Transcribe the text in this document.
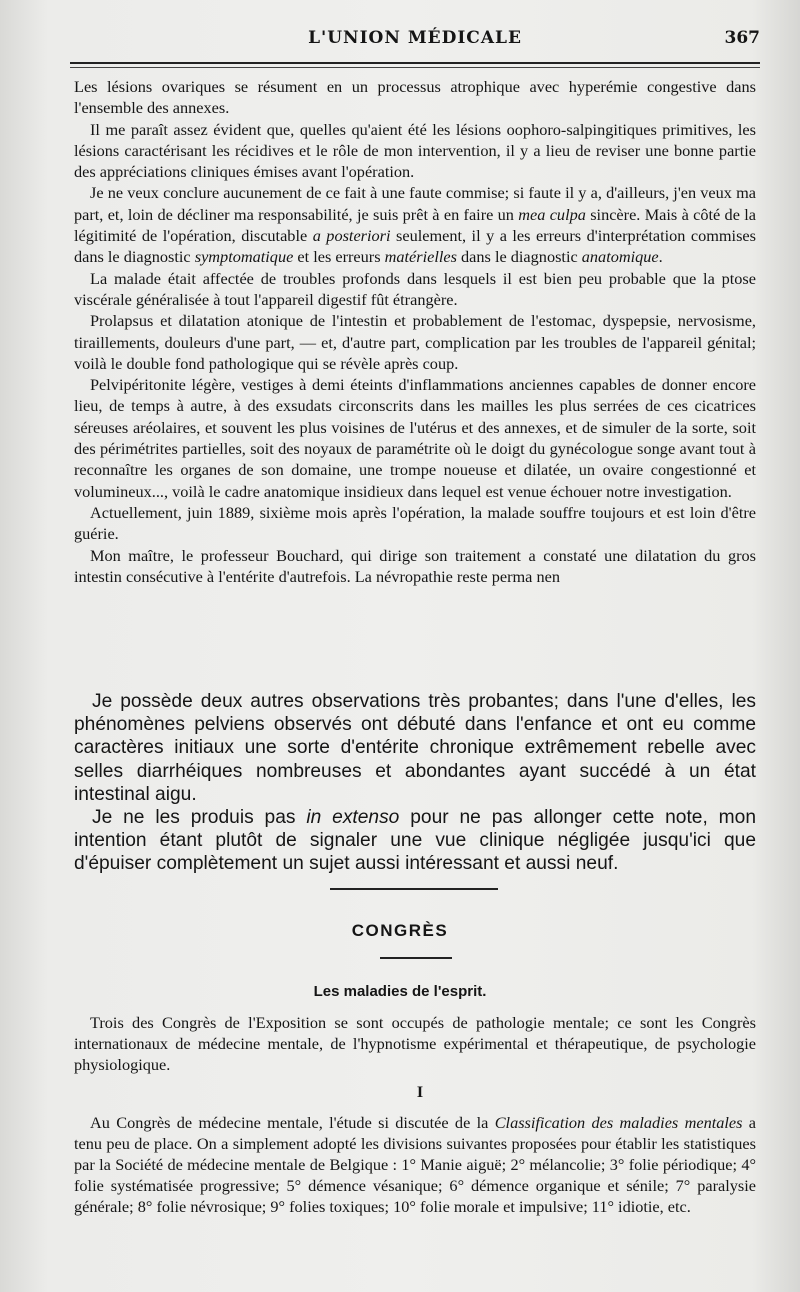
L'UNION MÉDICALE	367

Les lésions ovariques se résument en un processus atrophique avec hyperémie congestive dans l'ensemble des annexes.

Il me paraît assez évident que, quelles qu'aient été les lésions oophoro-salpingitiques primitives, les lésions caractérisant les récidives et le rôle de mon intervention, il y a lieu de reviser une bonne partie des appréciations cliniques émises avant l'opération.

Je ne veux conclure aucunement de ce fait à une faute commise; si faute il y a, d'ailleurs, j'en veux ma part, et, loin de décliner ma responsabilité, je suis prêt à en faire un mea culpa sincère. Mais à côté de la légitimité de l'opération, discutable a posteriori seulement, il y a les erreurs d'interprétation commises dans le diagnostic symptomatique et les erreurs matérielles dans le diagnostic anatomique.

La malade était affectée de troubles profonds dans lesquels il est bien peu probable que la ptose viscérale généralisée à tout l'appareil digestif fût étrangère.

Prolapsus et dilatation atonique de l'intestin et probablement de l'estomac, dyspepsie, nervosisme, tiraillements, douleurs d'une part, — et, d'autre part, complication par les troubles de l'appareil génital; voilà le double fond pathologique qui se révèle après coup.

Pelvipéritonite légère, vestiges à demi éteints d'inflammations anciennes capables de donner encore lieu, de temps à autre, à des exsudats circonscrits dans les mailles les plus serrées de ces cicatrices séreuses aréolaires, et souvent les plus voisines de l'utérus et des annexes, et de simuler de la sorte, soit des périmétrites partielles, soit des noyaux de paramétrite où le doigt du gynécologue songe avant tout à reconnaître les organes de son domaine, une trompe noueuse et dilatée, un ovaire congestionné et volumineux..., voilà le cadre anatomique insidieux dans lequel est venue échouer notre investigation.

Actuellement, juin 1889, sixième mois après l'opération, la malade souffre toujours et est loin d'être guérie.

Mon maître, le professeur Bouchard, qui dirige son traitement a constaté une dilatation du gros intestin consécutive à l'entérite d'autrefois. La névropathie reste perma nen

Je possède deux autres observations très probantes; dans l'une d'elles, les phénomènes pelviens observés ont débuté dans l'enfance et ont eu comme caractères initiaux une sorte d'entérite chronique extrêmement rebelle avec selles diarrhéiques nombreuses et abondantes ayant succédé à un état intestinal aigu.

Je ne les produis pas in extenso pour ne pas allonger cette note, mon intention étant plutôt de signaler une vue clinique négligée jusqu'ici que d'épuiser complètement un sujet aussi intéressant et aussi neuf.

CONGRÈS
Les maladies de l'esprit.

Trois des Congrès de l'Exposition se sont occupés de pathologie mentale; ce sont les Congrès internationaux de médecine mentale, de l'hypnotisme expérimental et thérapeutique, de psychologie physiologique.

I

Au Congrès de médecine mentale, l'étude si discutée de la Classification des maladies mentales a tenu peu de place. On a simplement adopté les divisions suivantes proposées pour établir les statistiques par la Société de médecine mentale de Belgique : 1° Manie aiguë; 2° mélancolie; 3° folie périodique; 4° folie systématisée progressive; 5° démence vésanique; 6° démence organique et sénile; 7° paralysie générale; 8° folie névrosique; 9° folies toxiques; 10° folie morale et impulsive; 11° idiotie, etc.
